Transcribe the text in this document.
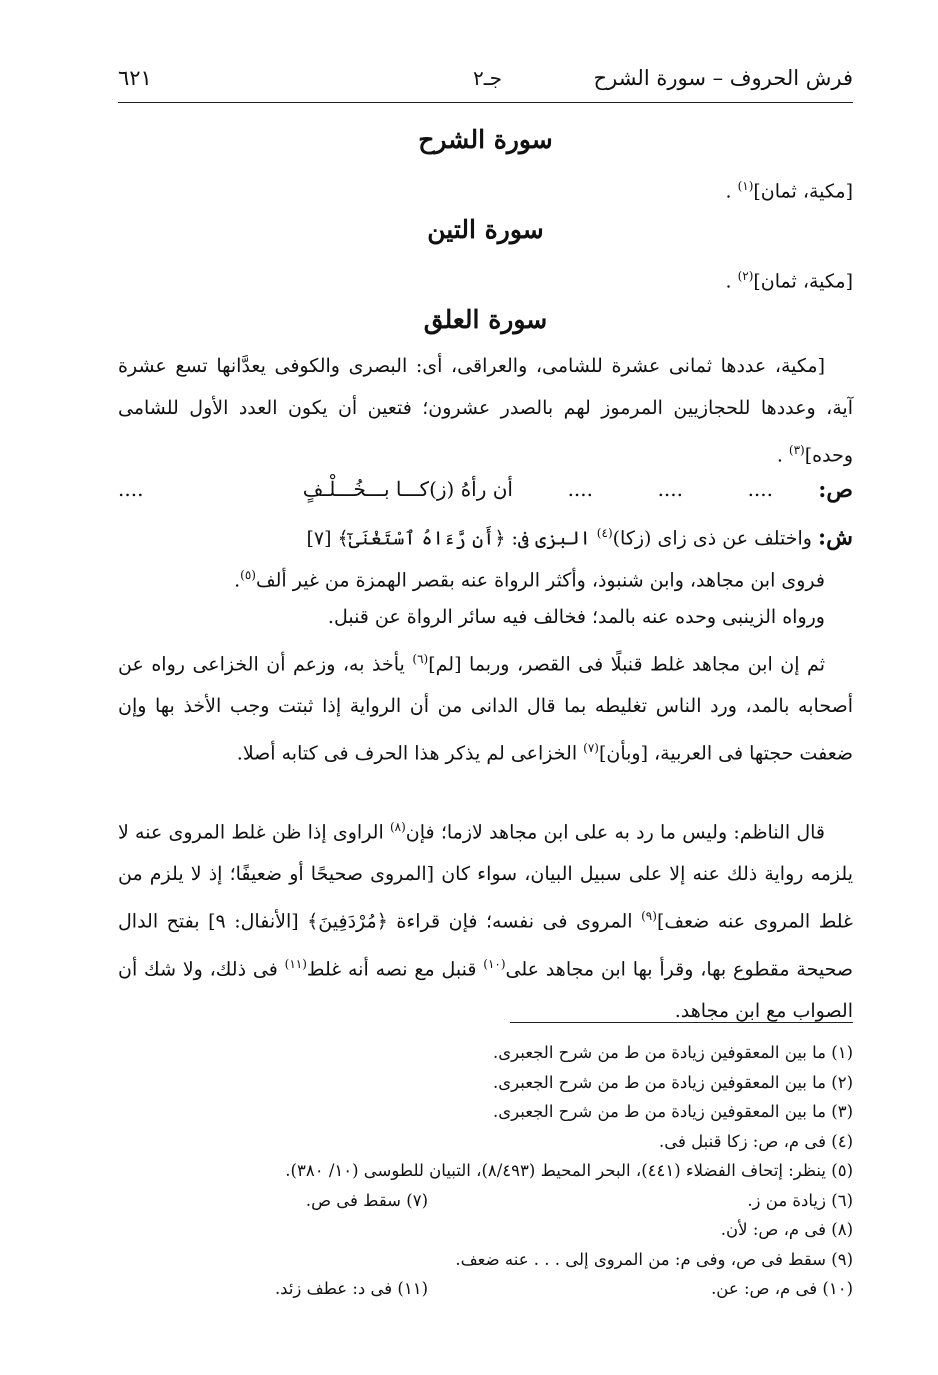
٦٢١	جـ٢	فرش الحروف – سورة الشرح
سورة الشرح
[مكية، ثمان]$^{(١)}$ .
سورة التين
[مكية، ثمان]$^{(٢)}$ .
سورة العلق
[مكية، عددها ثمانى عشرة للشامى، والعراقى، أى: البصرى والكوفى يعدَّانها تسع عشرة آية، وعددها للحجازيين المرموز لهم بالصدر عشرون؛ فتعين أن يكون العدد الأول للشامى وحده]$^{(٣)}$ .
ص:
....
....
....
أن رأهُ (ز)كـــا بـــخُـــلْـفٍ
....
ش: واختلف عن ذى زاى (زكا)$^{(٤)}$ البزى فى: ﴿أَن رَّءَاهُ ٱسْتَغْنَىٰٓ﴾ [٧]
فروى ابن مجاهد، وابن شنبوذ، وأكثر الرواة عنه بقصر الهمزة من غير ألف$^{(٥)}$.
ورواه الزينبى وحده عنه بالمد؛ فخالف فيه سائر الرواة عن قنبل.
ثم إن ابن مجاهد غلط قنبلًا فى القصر، وربما [لم]$^{(٦)}$ يأخذ به، وزعم أن الخزاعى رواه عن أصحابه بالمد، ورد الناس تغليطه بما قال الدانى من أن الرواية إذا ثبتت وجب الأخذ بها وإن ضعفت حجتها فى العربية، [وبأن]$^{(٧)}$ الخزاعى لم يذكر هذا الحرف فى كتابه أصلا.
قال الناظم: وليس ما رد به على ابن مجاهد لازما؛ فإن$^{(٨)}$ الراوى إذا ظن غلط المروى عنه لا يلزمه رواية ذلك عنه إلا على سبيل البيان، سواء كان [المروى صحيحًا أو ضعيفًا؛ إذ لا يلزم من غلط المروى عنه ضعف]$^{(٩)}$ المروى فى نفسه؛ فإن قراءة ﴿مُرْدَفِينَ﴾ [الأنفال: ٩] بفتح الدال صحيحة مقطوع بها، وقرأ بها ابن مجاهد على$^{(١٠)}$ قنبل مع نصه أنه غلط$^{(١١)}$ فى ذلك، ولا شك أن الصواب مع ابن مجاهد.
(١) ما بين المعقوفين زيادة من ط من شرح الجعبرى.
(٢) ما بين المعقوفين زيادة من ط من شرح الجعبرى.
(٣) ما بين المعقوفين زيادة من ط من شرح الجعبرى.
(٤) فى م، ص: زكا قنبل فى.
(٥) ينظر: إتحاف الفضلاء (٤٤١)، البحر المحيط (٨/٤٩٣)، التبيان للطوسى (١٠/ ٣٨٠).
(٦) زيادة من ز.
(٧) سقط فى ص.
(٨) فى م، ص: لأن.
(٩) سقط فى ص، وفى م: من المروى إلى . . . عنه ضعف.
(١٠) فى م، ص: عن.
(١١) فى د: عطف زئد.
